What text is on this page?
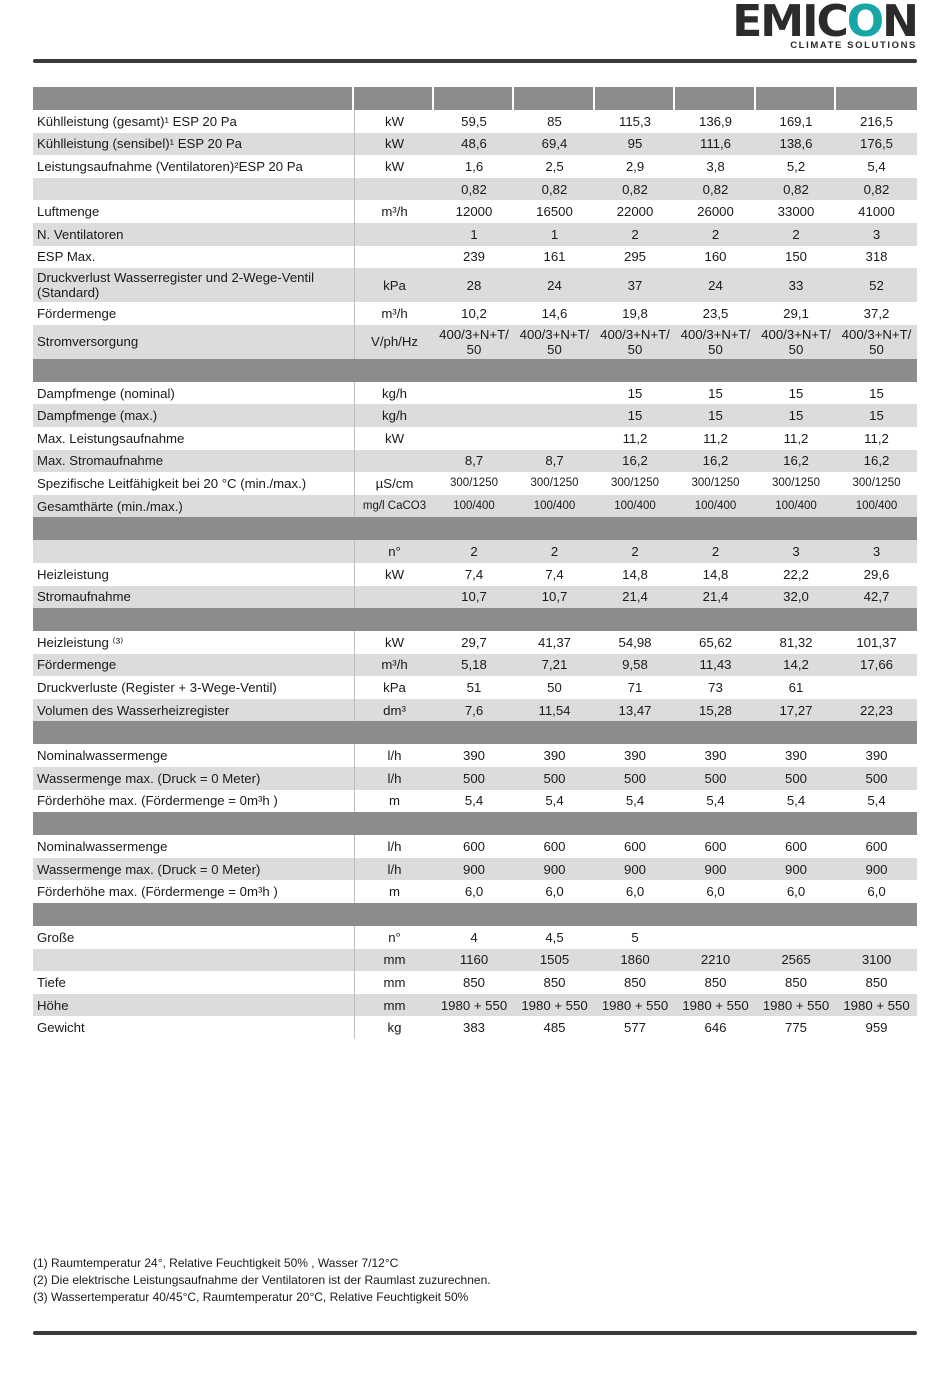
EMICON
CLIMATE SOLUTIONS

Kühlleistung (gesamt)¹ ESP 20 Pa	kW	59,5	85	115,3	136,9	169,1	216,5
Kühlleistung (sensibel)¹ ESP 20 Pa	kW	48,6	69,4	95	111,6	138,6	176,5
Leistungsaufnahme (Ventilatoren)²ESP 20 Pa	kW	1,6	2,5	2,9	3,8	5,2	5,4
		0,82	0,82	0,82	0,82	0,82	0,82
Luftmenge	m³/h	12000	16500	22000	26000	33000	41000
N. Ventilatoren		1	1	2	2	2	3
ESP Max.		239	161	295	160	150	318
Druckverlust Wasserregister und 2-Wege-Ventil (Standard)	kPa	28	24	37	24	33	52
Fördermenge	m³/h	10,2	14,6	19,8	23,5	29,1	37,2
Stromversorgung	V/ph/Hz	400/3+N+T/ 50	400/3+N+T/ 50	400/3+N+T/ 50	400/3+N+T/ 50	400/3+N+T/ 50	400/3+N+T/ 50

Dampfmenge (nominal)	kg/h			15	15	15	15
Dampfmenge (max.)	kg/h			15	15	15	15
Max. Leistungsaufnahme	kW			11,2	11,2	11,2	11,2
Max. Stromaufnahme		8,7	8,7	16,2	16,2	16,2	16,2
Spezifische Leitfähigkeit bei 20 °C (min./max.)	µS/cm	300/1250	300/1250	300/1250	300/1250	300/1250	300/1250
Gesamthärte (min./max.)	mg/l CaCO3	100/400	100/400	100/400	100/400	100/400	100/400

	n°	2	2	2	2	3	3
Heizleistung	kW	7,4	7,4	14,8	14,8	22,2	29,6
Stromaufnahme		10,7	10,7	21,4	21,4	32,0	42,7

Heizleistung ⁽³⁾	kW	29,7	41,37	54,98	65,62	81,32	101,37
Fördermenge	m³/h	5,18	7,21	9,58	11,43	14,2	17,66
Druckverluste (Register + 3-Wege-Ventil)	kPa	51	50	71	73	61	
Volumen des Wasserheizregister	dm³	7,6	11,54	13,47	15,28	17,27	22,23

Nominalwassermenge	l/h	390	390	390	390	390	390
Wassermenge max. (Druck = 0 Meter)	l/h	500	500	500	500	500	500
Förderhöhe max. (Fördermenge = 0m³h )	m	5,4	5,4	5,4	5,4	5,4	5,4

Nominalwassermenge	l/h	600	600	600	600	600	600
Wassermenge max. (Druck = 0 Meter)	l/h	900	900	900	900	900	900
Förderhöhe max. (Fördermenge = 0m³h )	m	6,0	6,0	6,0	6,0	6,0	6,0

Große	n°	4	4,5	5			
	mm	1160	1505	1860	2210	2565	3100
Tiefe	mm	850	850	850	850	850	850
Höhe	mm	1980 + 550	1980 + 550	1980 + 550	1980 + 550	1980 + 550	1980 + 550
Gewicht	kg	383	485	577	646	775	959
(1) Raumtemperatur 24°, Relative Feuchtigkeit 50% , Wasser 7/12°C
(2) Die elektrische Leistungsaufnahme der Ventilatoren ist der Raumlast zuzurechnen.
(3) Wassertemperatur 40/45°C, Raumtemperatur 20°C, Relative Feuchtigkeit 50%
